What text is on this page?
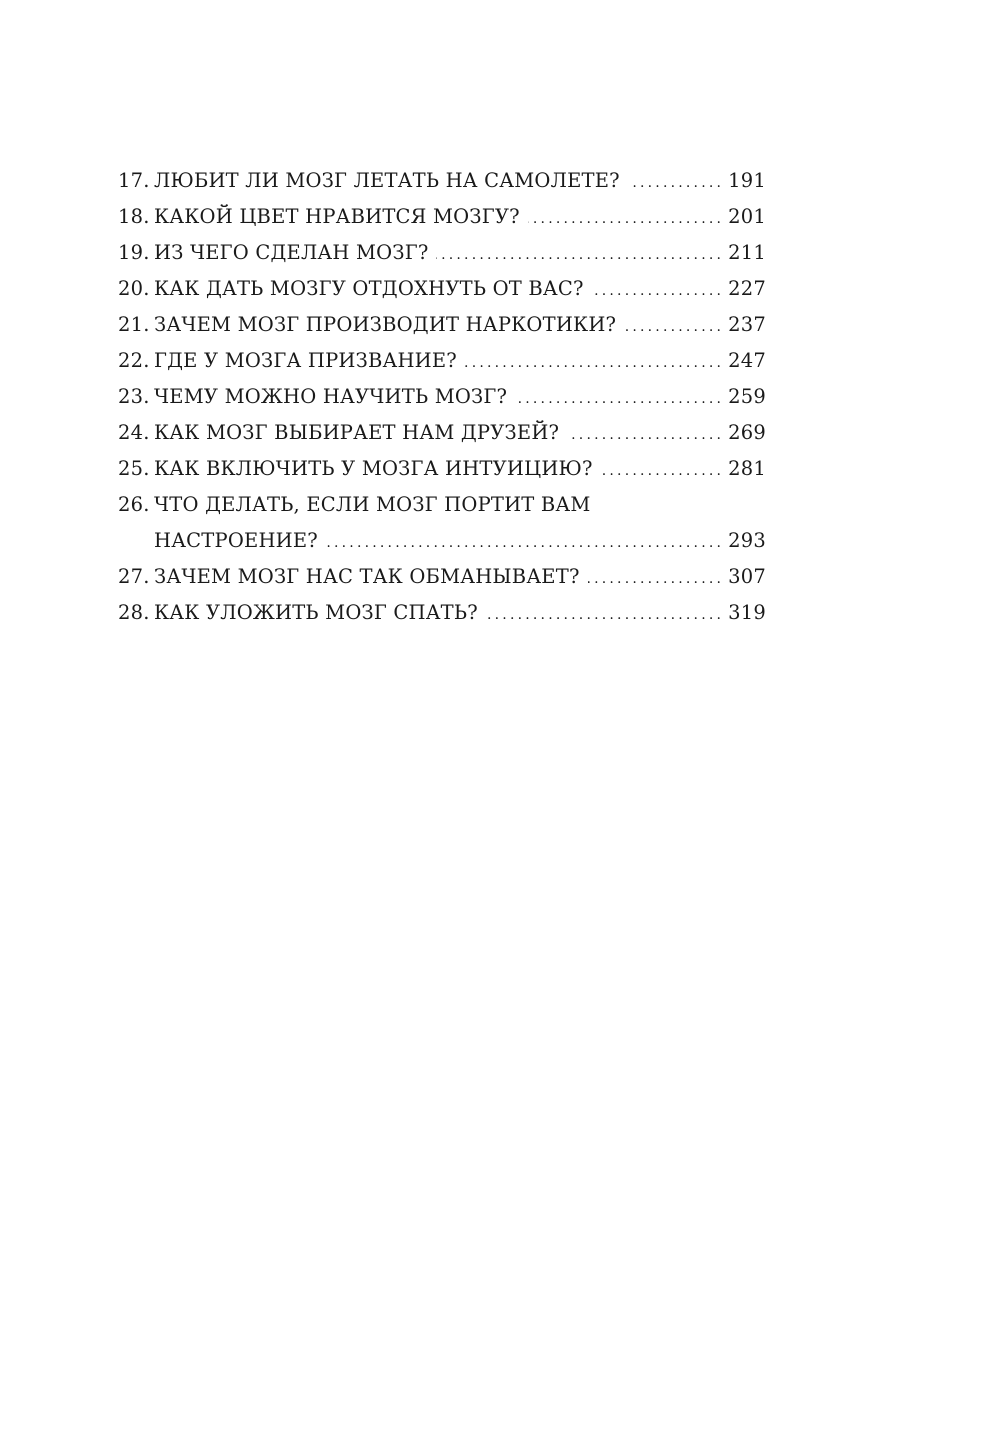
17. ЛЮБИТ ЛИ МОЗГ ЛЕТАТЬ НА САМОЛЕТЕ? .....	191
18. КАКОЙ ЦВЕТ НРАВИТСЯ МОЗГУ? .....	201
19. ИЗ ЧЕГО СДЕЛАН МОЗГ? .....	211
20. КАК ДАТЬ МОЗГУ ОТДОХНУТЬ ОТ ВАС? .....	227
21. ЗАЧЕМ МОЗГ ПРОИЗВОДИТ НАРКОТИКИ? .....	237
22. ГДЕ У МОЗГА ПРИЗВАНИЕ? .....	247
23. ЧЕМУ МОЖНО НАУЧИТЬ МОЗГ? .....	259
24. КАК МОЗГ ВЫБИРАЕТ НАМ ДРУЗЕЙ? .....	269
25. КАК ВКЛЮЧИТЬ У МОЗГА ИНТУИЦИЮ? .....	281
26. ЧТО ДЕЛАТЬ, ЕСЛИ МОЗГ ПОРТИТ ВАМ
НАСТРОЕНИЕ? .....	293
27. ЗАЧЕМ МОЗГ НАС ТАК ОБМАНЫВАЕТ? .....	307
28. КАК УЛОЖИТЬ МОЗГ СПАТЬ? .....	319
